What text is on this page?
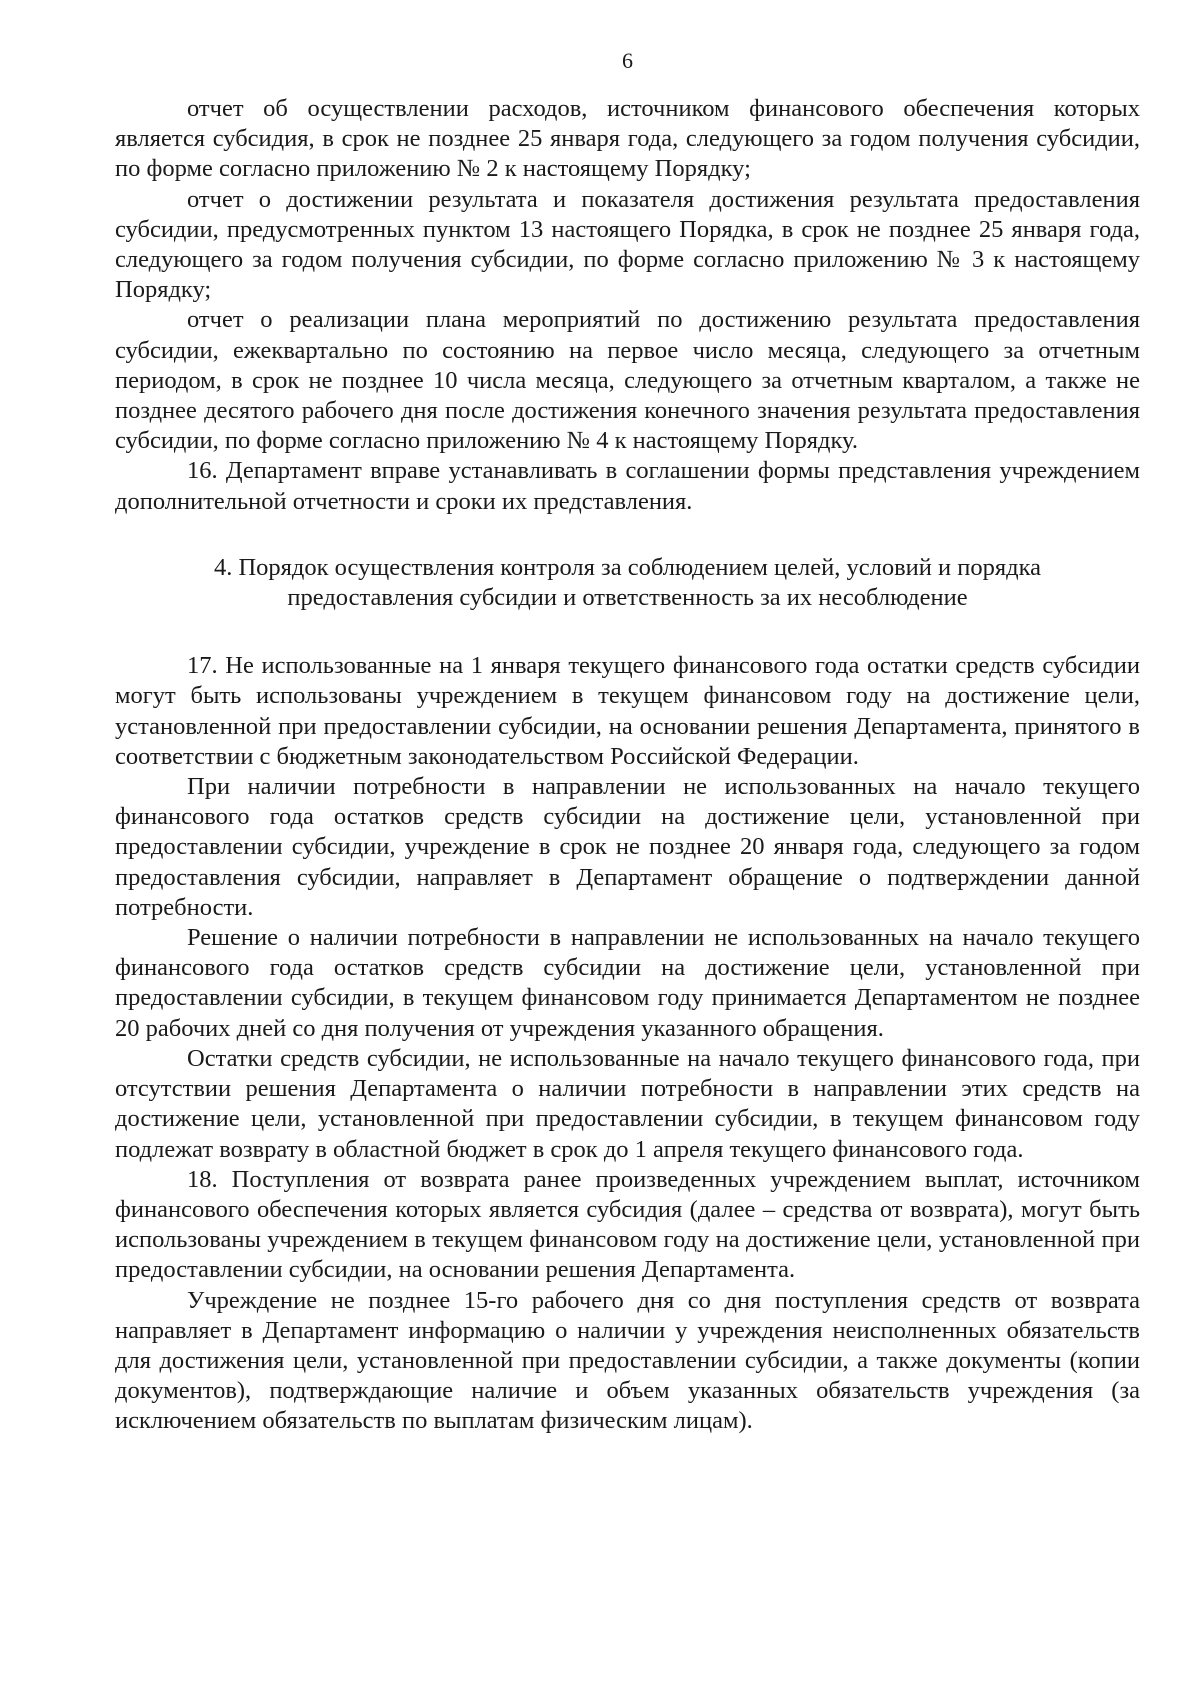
6

отчет об осуществлении расходов, источником финансового обеспечения которых является субсидия, в срок не позднее 25 января года, следующего за годом получения субсидии, по форме согласно приложению № 2 к настоящему Порядку;

отчет о достижении результата и показателя достижения результата предоставления субсидии, предусмотренных пунктом 13 настоящего Порядка, в срок не позднее 25 января года, следующего за годом получения субсидии, по форме согласно приложению № 3 к настоящему Порядку;

отчет о реализации плана мероприятий по достижению результата предоставления субсидии, ежеквартально по состоянию на первое число месяца, следующего за отчетным периодом, в срок не позднее 10 числа месяца, следующего за отчетным кварталом, а также не позднее десятого рабочего дня после достижения конечного значения результата предоставления субсидии, по форме согласно приложению № 4 к настоящему Порядку.

16. Департамент вправе устанавливать в соглашении формы представления учреждением дополнительной отчетности и сроки их представления.

4. Порядок осуществления контроля за соблюдением целей, условий и порядка
предоставления субсидии и ответственность за их несоблюдение

17. Не использованные на 1 января текущего финансового года остатки средств субсидии могут быть использованы учреждением в текущем финансовом году на достижение цели, установленной при предоставлении субсидии, на основании решения Департамента, принятого в соответствии с бюджетным законодательством Российской Федерации.

При наличии потребности в направлении не использованных на начало текущего финансового года остатков средств субсидии на достижение цели, установленной при предоставлении субсидии, учреждение в срок не позднее 20 января года, следующего за годом предоставления субсидии, направляет в Департамент обращение о подтверждении данной потребности.

Решение о наличии потребности в направлении не использованных на начало текущего финансового года остатков средств субсидии на достижение цели, установленной при предоставлении субсидии, в текущем финансовом году принимается Департаментом не позднее 20 рабочих дней со дня получения от учреждения указанного обращения.

Остатки средств субсидии, не использованные на начало текущего финансового года, при отсутствии решения Департамента о наличии потребности в направлении этих средств на достижение цели, установленной при предоставлении субсидии, в текущем финансовом году подлежат возврату в областной бюджет в срок до 1 апреля текущего финансового года.

18. Поступления от возврата ранее произведенных учреждением выплат, источником финансового обеспечения которых является субсидия (далее – средства от возврата), могут быть использованы учреждением в текущем финансовом году на достижение цели, установленной при предоставлении субсидии, на основании решения Департамента.

Учреждение не позднее 15-го рабочего дня со дня поступления средств от возврата направляет в Департамент информацию о наличии у учреждения неисполненных обязательств для достижения цели, установленной при предоставлении субсидии, а также документы (копии документов), подтверждающие наличие и объем указанных обязательств учреждения (за исключением обязательств по выплатам физическим лицам).
